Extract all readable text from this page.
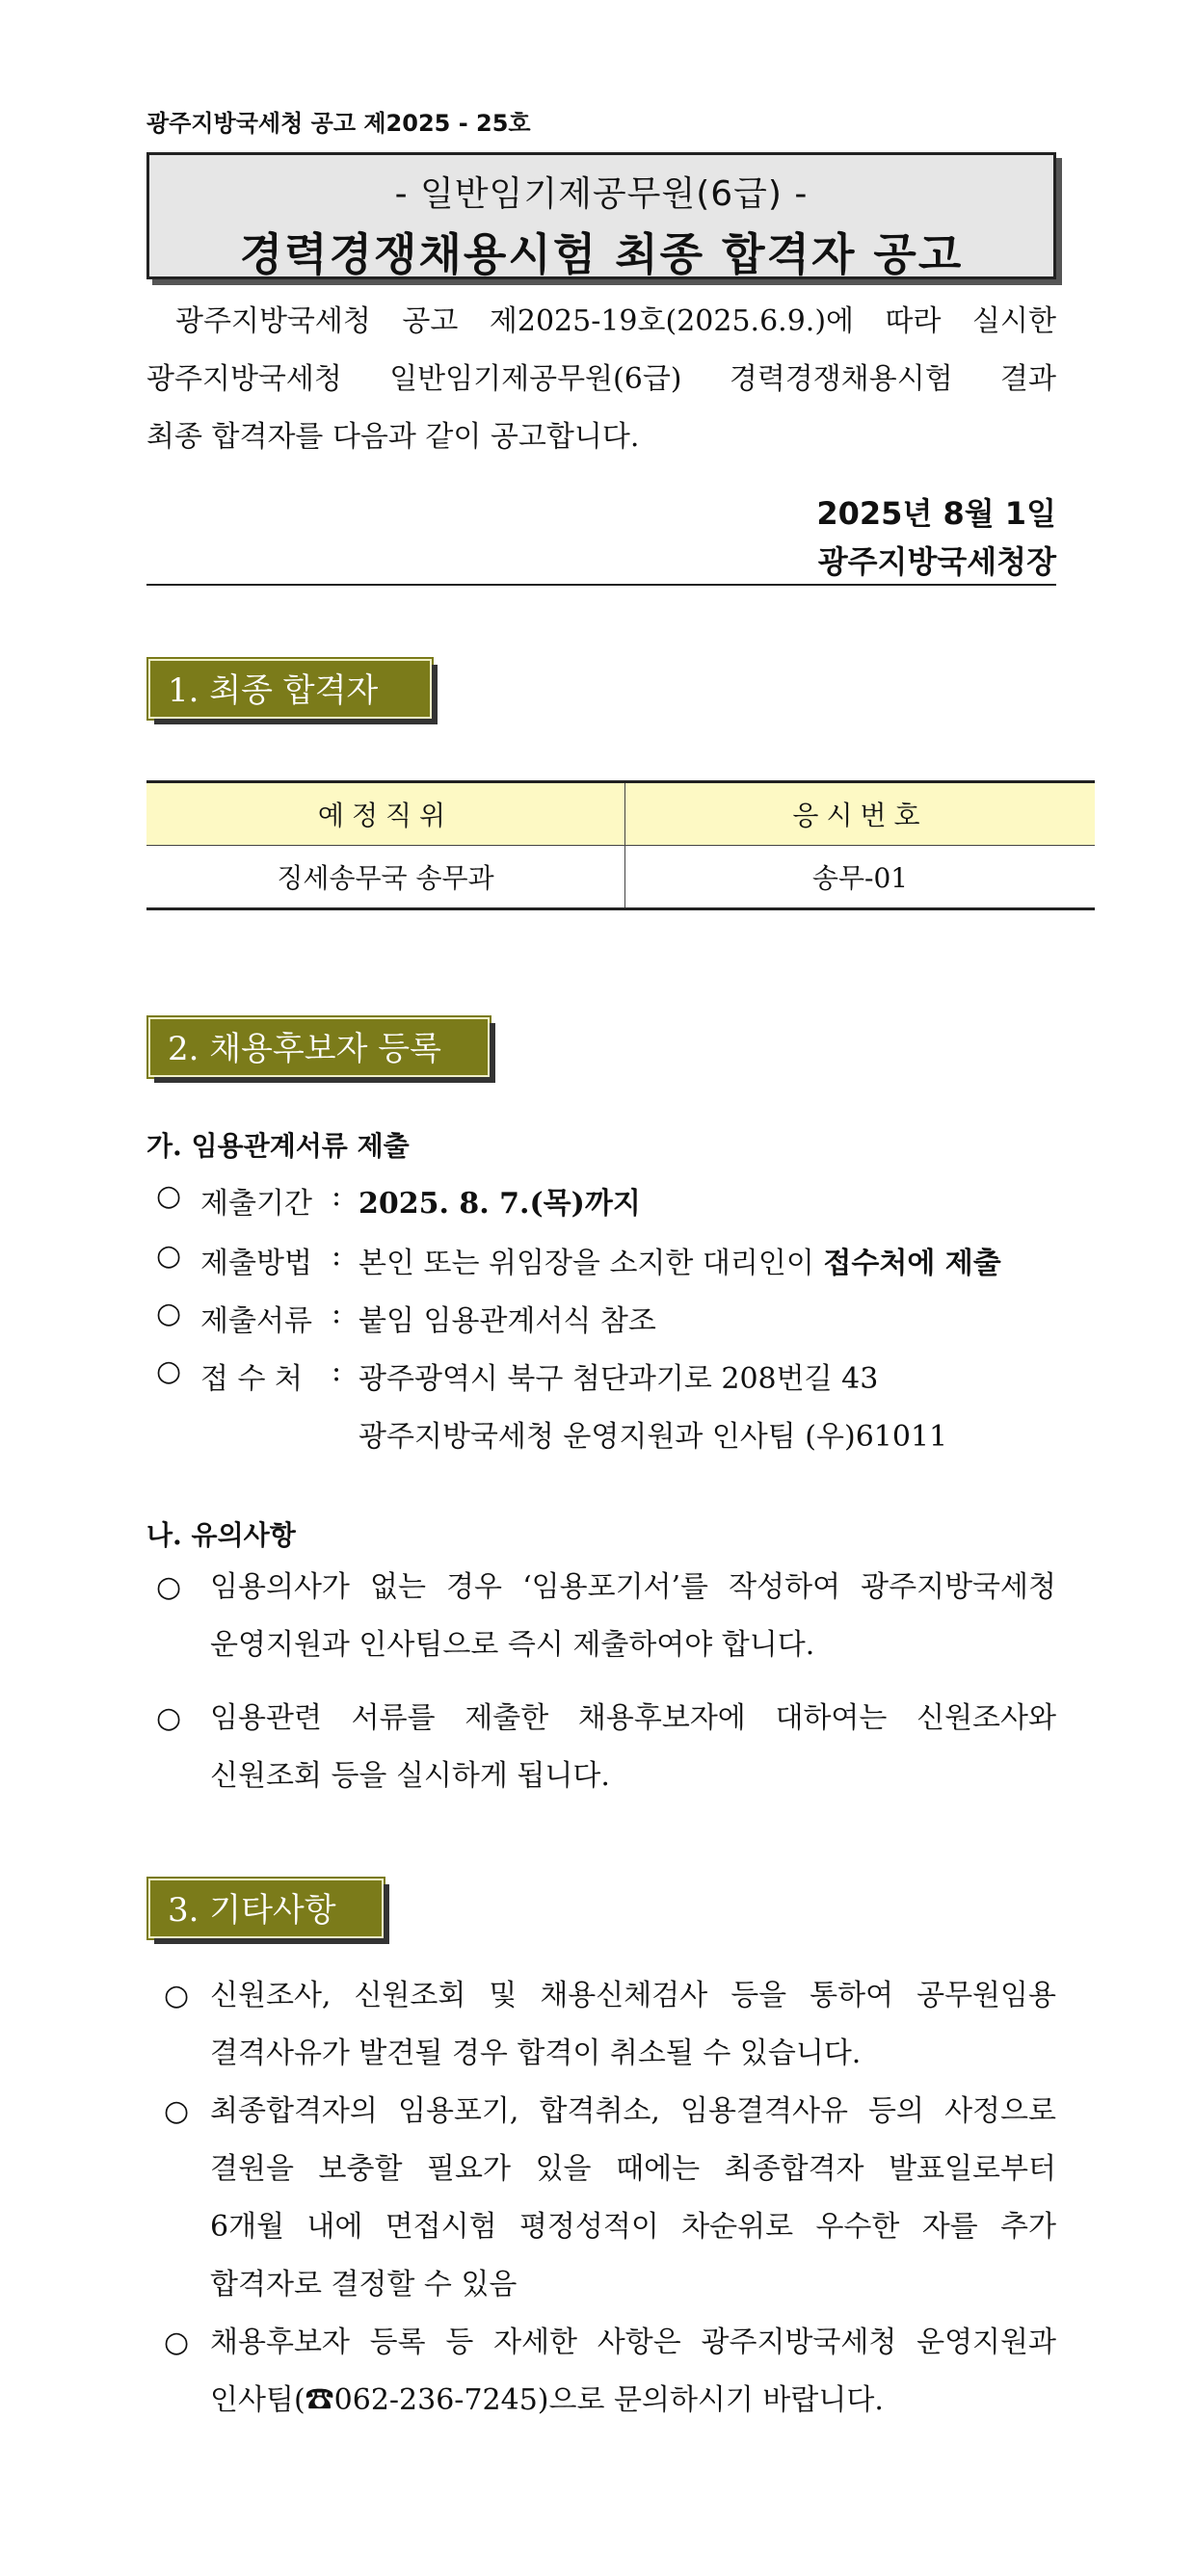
광주지방국세청 공고 제2025 - 25호
- 일반임기제공무원(6급) -
경력경쟁채용시험 최종 합격자 공고
광주지방국세청 공고 제2025-19호(2025.6.9.)에 따라 실시한
광주지방국세청 일반임기제공무원(6급) 경력경쟁채용시험 결과
최종 합격자를 다음과 같이 공고합니다.
2025년 8월 1일
광주지방국세청장
1. 최종 합격자
예정직위	응시번호
징세송무국 송무과	송무-01
2. 채용후보자 등록
가. 임용관계서류 제출
○ 제출기간 : 2025. 8. 7.(목)까지
○ 제출방법 : 본인 또는 위임장을 소지한 대리인이 접수처에 제출
○ 제출서류 : 붙임 임용관계서식 참조
○ 접 수 처 : 광주광역시 북구 첨단과기로 208번길 43
광주지방국세청 운영지원과 인사팀 (우)61011
나. 유의사항
○ 임용의사가 없는 경우 ‘임용포기서’를 작성하여 광주지방국세청
운영지원과 인사팀으로 즉시 제출하여야 합니다.
○ 임용관련 서류를 제출한 채용후보자에 대하여는 신원조사와
신원조회 등을 실시하게 됩니다.
3. 기타사항
○ 신원조사, 신원조회 및 채용신체검사 등을 통하여 공무원임용
결격사유가 발견될 경우 합격이 취소될 수 있습니다.
○ 최종합격자의 임용포기, 합격취소, 임용결격사유 등의 사정으로
결원을 보충할 필요가 있을 때에는 최종합격자 발표일로부터
6개월 내에 면접시험 평정성적이 차순위로 우수한 자를 추가
합격자로 결정할 수 있음
○ 채용후보자 등록 등 자세한 사항은 광주지방국세청 운영지원과
인사팀(☎062-236-7245)으로 문의하시기 바랍니다.
